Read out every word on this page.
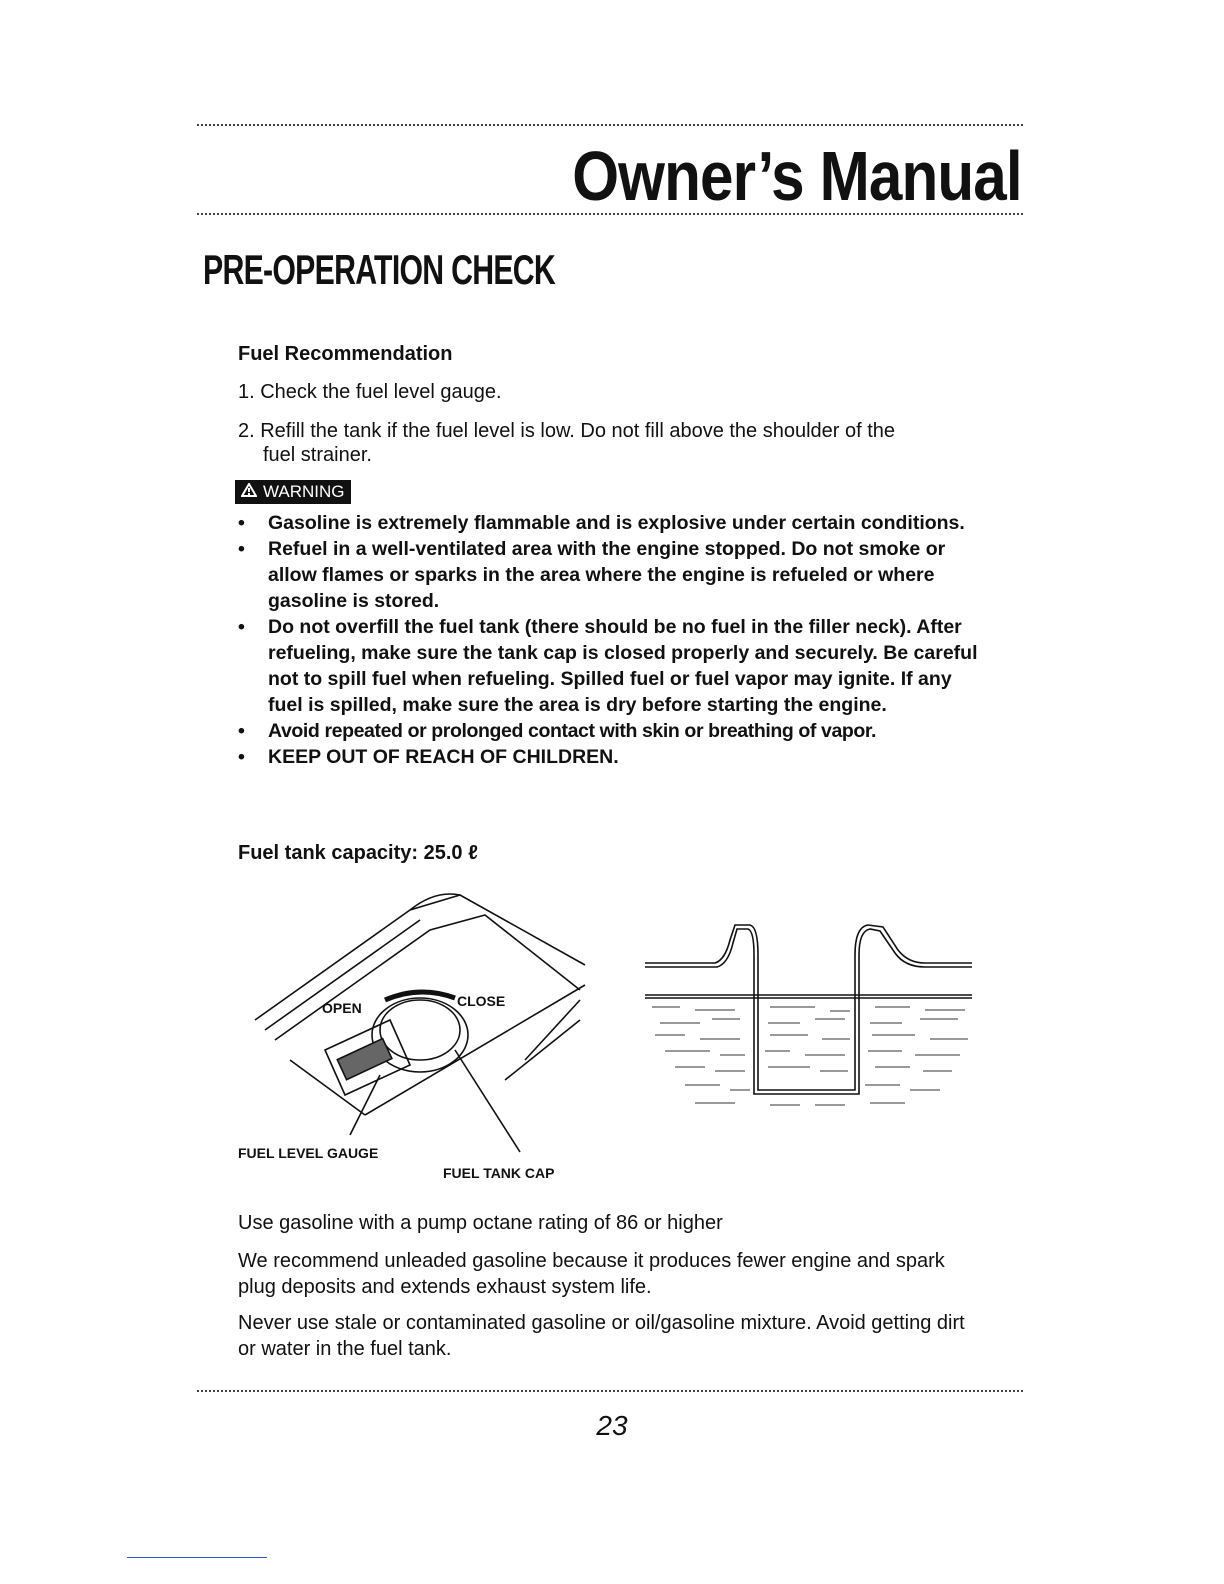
Owner’s Manual
PRE-OPERATION CHECK
Fuel Recommendation
1. Check the fuel level gauge.
2. Refill the tank if the fuel level is low. Do not fill above the shoulder of the
fuel strainer.
WARNING
• Gasoline is extremely flammable and is explosive under certain conditions.
• Refuel in a well-ventilated area with the engine stopped. Do not smoke or allow flames or sparks in the area where the engine is refueled or where gasoline is stored.
• Do not overfill the fuel tank (there should be no fuel in the filler neck). After refueling, make sure the tank cap is closed properly and securely. Be careful not to spill fuel when refueling. Spilled fuel or fuel vapor may ignite. If any fuel is spilled, make sure the area is dry before starting the engine.
• Avoid repeated or prolonged contact with skin or breathing of vapor.
• KEEP OUT OF REACH OF CHILDREN.
Fuel tank capacity: 25.0 ℓ
OPEN	CLOSE
FUEL LEVEL GAUGE
FUEL TANK CAP
Use gasoline with a pump octane rating of 86 or higher
We recommend unleaded gasoline because it produces fewer engine and spark plug deposits and extends exhaust system life.
Never use stale or contaminated gasoline or oil/gasoline mixture. Avoid getting dirt or water in the fuel tank.
23
